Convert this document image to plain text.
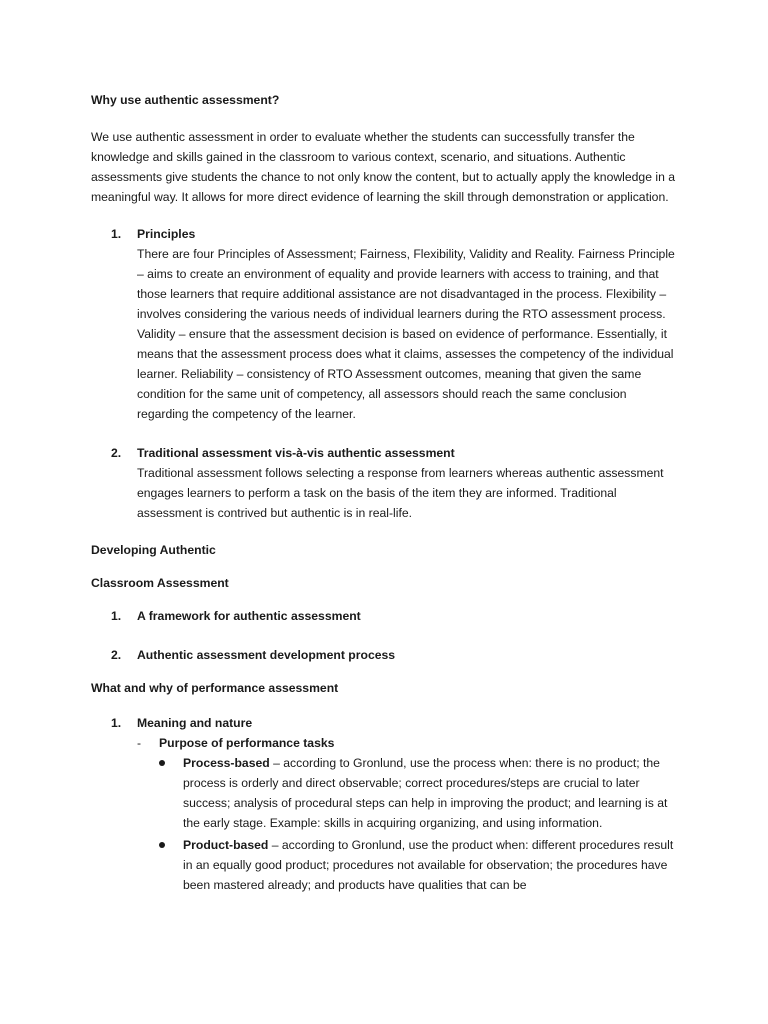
Why use authentic assessment?

We use authentic assessment in order to evaluate whether the students can successfully transfer the knowledge and skills gained in the classroom to various context, scenario, and situations. Authentic assessments give students the chance to not only know the content, but to actually apply the knowledge in a meaningful way. It allows for more direct evidence of learning the skill through demonstration or application.

1. Principles
There are four Principles of Assessment; Fairness, Flexibility, Validity and Reality. Fairness Principle – aims to create an environment of equality and provide learners with access to training, and that those learners that require additional assistance are not disadvantaged in the process. Flexibility – involves considering the various needs of individual learners during the RTO assessment process. Validity – ensure that the assessment decision is based on evidence of performance. Essentially, it means that the assessment process does what it claims, assesses the competency of the individual learner. Reliability – consistency of RTO Assessment outcomes, meaning that given the same condition for the same unit of competency, all assessors should reach the same conclusion regarding the competency of the learner.
2. Traditional assessment vis-à-vis authentic assessment
Traditional assessment follows selecting a response from learners whereas authentic assessment engages learners to perform a task on the basis of the item they are informed. Traditional assessment is contrived but authentic is in real-life.

Developing Authentic

Classroom Assessment

1. A framework for authentic assessment
2. Authentic assessment development process

What and why of performance assessment

1. Meaning and nature
- Purpose of performance tasks
Process-based – according to Gronlund, use the process when: there is no product; the process is orderly and direct observable; correct procedures/steps are crucial to later success; analysis of procedural steps can help in improving the product; and learning is at the early stage. Example: skills in acquiring organizing, and using information.
Product-based – according to Gronlund, use the product when: different procedures result in an equally good product; procedures not available for observation; the procedures have been mastered already; and products have qualities that can be
